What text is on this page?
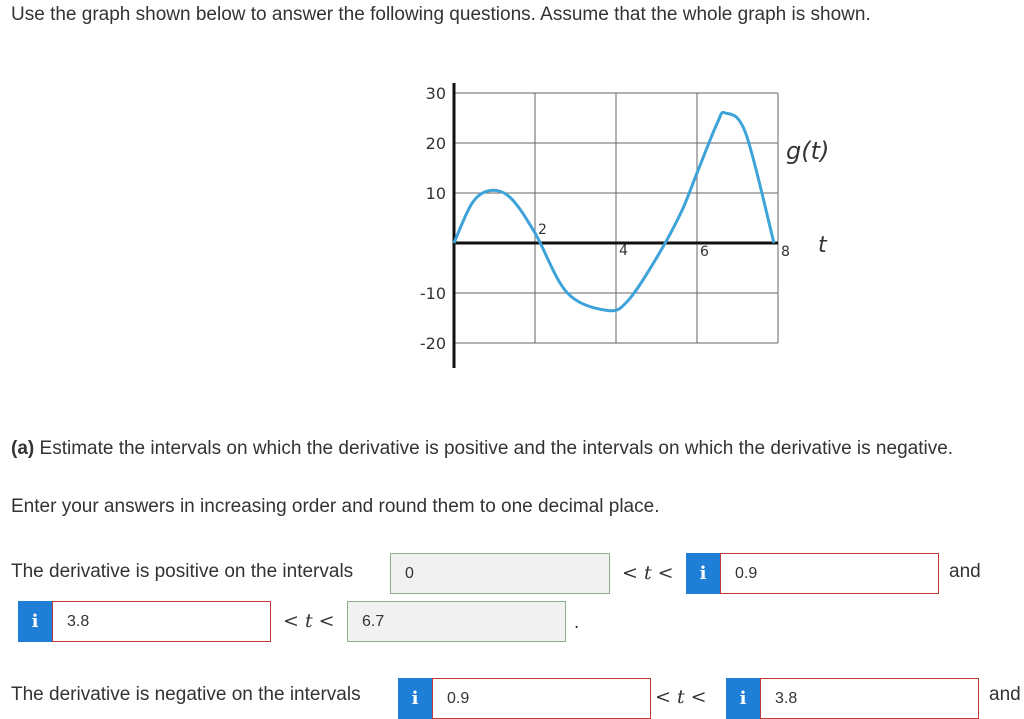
Use the graph shown below to answer the following questions. Assume that the whole graph is shown.
30
20
10
-10
-20
2
4	6	8
g(t)
t
(a) Estimate the intervals on which the derivative is positive and the intervals on which the derivative is negative.
Enter your answers in increasing order and round them to one decimal place.
The derivative is positive on the intervals	0	< t <	i	0.9	and
i	3.8	< t <	6.7	.
The derivative is negative on the intervals	i	0.9	< t <	i	3.8	and
